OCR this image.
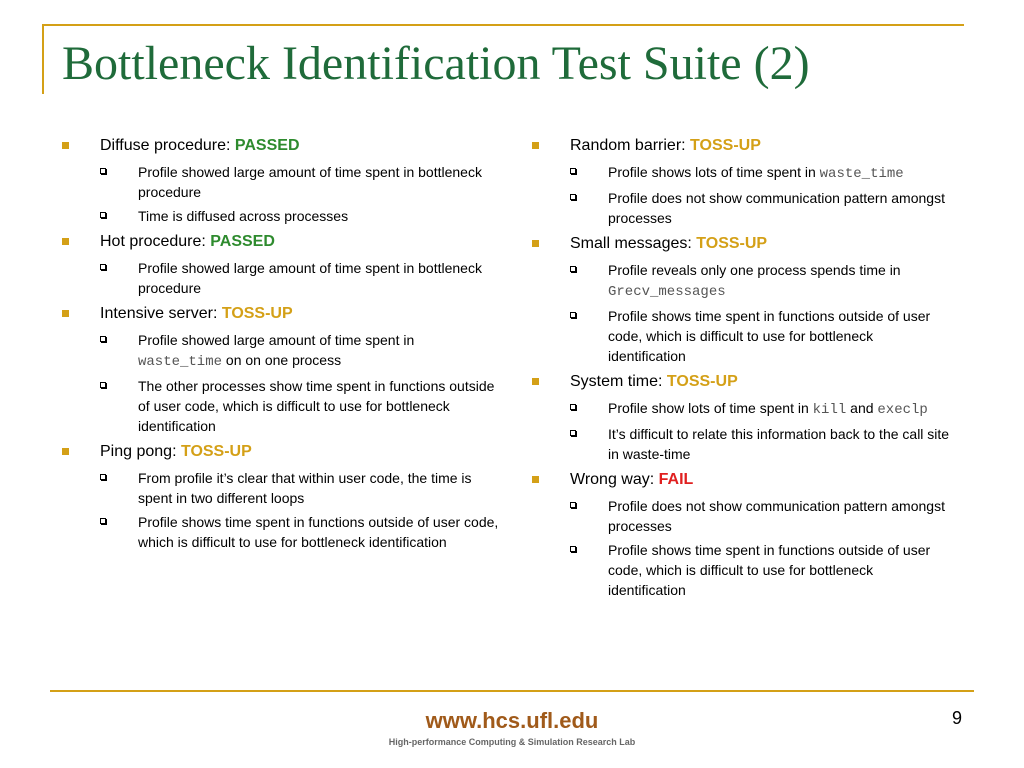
Bottleneck Identification Test Suite (2)
Diffuse procedure: PASSED
Profile showed large amount of time spent in bottleneck procedure
Time is diffused across processes
Hot procedure: PASSED
Profile showed large amount of time spent in bottleneck procedure
Intensive server: TOSS-UP
Profile showed large amount of time spent in waste_time on on one process
The other processes show time spent in functions outside of user code, which is difficult to use for bottleneck identification
Ping pong: TOSS-UP
From profile it’s clear that within user code, the time is spent in two different loops
Profile shows time spent in functions outside of user code, which is difficult to use for bottleneck identification
Random barrier: TOSS-UP
Profile shows lots of time spent in waste_time
Profile does not show communication pattern amongst processes
Small messages: TOSS-UP
Profile reveals only one process spends time in Grecv_messages
Profile shows time spent in functions outside of user code, which is difficult to use for bottleneck identification
System time: TOSS-UP
Profile show lots of time spent in kill and execlp
It’s difficult to relate this information back to the call site in waste-time
Wrong way: FAIL
Profile does not show communication pattern amongst processes
Profile shows time spent in functions outside of user code, which is difficult to use for bottleneck identification
www.hcs.ufl.edu
High-performance Computing & Simulation Research Lab
9
